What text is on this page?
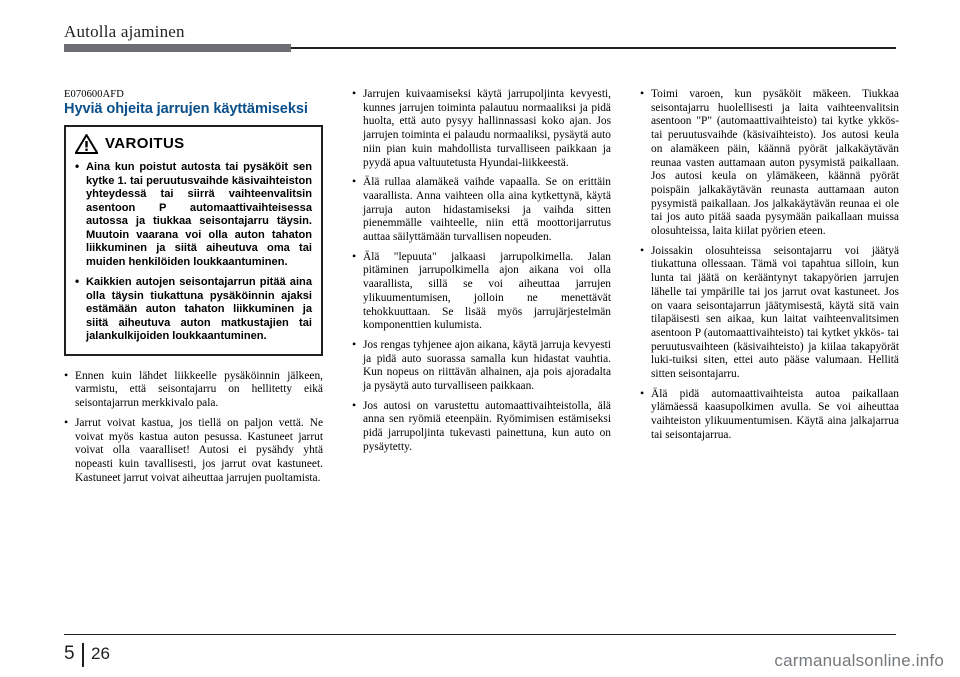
Autolla ajaminen
E070600AFD
Hyviä ohjeita jarrujen käyttämiseksi
VAROITUS
• Aina kun poistut autosta tai pysäköit sen kytke 1. tai peruutusvaihde käsivaihteiston yhteydessä tai siirrä vaihteenvalitsin asentoon P automaattivaihteisessa autossa ja tiukkaa seisontajarru täysin. Muutoin vaarana voi olla auton tahaton liikkuminen ja siitä aiheutuva oma tai muiden henkilöiden loukkaantuminen.
• Kaikkien autojen seisontajarrun pitää aina olla täysin tiukattuna pysäköinnin ajaksi estämään auton tahaton liikkuminen ja siitä aiheutuva auton matkustajien tai jalankulkijoiden loukkaantuminen.
• Ennen kuin lähdet liikkeelle pysäköinnin jälkeen, varmistu, että seisontajarru on hellitetty eikä seisontajarrun merkkivalo pala.
• Jarrut voivat kastua, jos tiellä on paljon vettä. Ne voivat myös kastua auton pesussa. Kastuneet jarrut voivat olla vaaralliset! Autosi ei pysähdy yhtä nopeasti kuin tavallisesti, jos jarrut ovat kastuneet. Kastuneet jarrut voivat aiheuttaa jarrujen puoltamista.
• Jarrujen kuivaamiseksi käytä jarrupoljinta kevyesti, kunnes jarrujen toiminta palautuu normaaliksi ja pidä huolta, että auto pysyy hallinnassasi koko ajan. Jos jarrujen toiminta ei palaudu normaaliksi, pysäytä auto niin pian kuin mahdollista turvalliseen paikkaan ja pyydä apua valtuutetusta Hyundai-liikkeestä.
• Älä rullaa alamäkeä vaihde vapaalla. Se on erittäin vaarallista. Anna vaihteen olla aina kytkettynä, käytä jarruja auton hidastamiseksi ja vaihda sitten pienemmälle vaihteelle, niin että moottorijarrutus auttaa säilyttämään turvallisen nopeuden.
• Älä "lepuuta" jalkaasi jarrupolkimella. Jalan pitäminen jarrupolkimella ajon aikana voi olla vaarallista, sillä se voi aiheuttaa jarrujen ylikuumentumisen, jolloin ne menettävät tehokkuuttaan. Se lisää myös jarrujärjestelmän komponenttien kulumista.
• Jos rengas tyhjenee ajon aikana, käytä jarruja kevyesti ja pidä auto suorassa samalla kun hidastat vauhtia. Kun nopeus on riittävän alhainen, aja pois ajoradalta ja pysäytä auto turvalliseen paikkaan.
• Jos autosi on varustettu automaattivaihteistolla, älä anna sen ryömiä eteenpäin. Ryömimisen estämiseksi pidä jarrupoljinta tukevasti painettuna, kun auto on pysäytetty.
• Toimi varoen, kun pysäköit mäkeen. Tiukkaa seisontajarru huolellisesti ja laita vaihteenvalitsin asentoon "P" (automaattivaihteisto) tai kytke ykkös- tai peruutusvaihde (käsivaihteisto). Jos autosi keula on alamäkeen päin, käännä pyörät jalkakäytävän reunaa vasten auttamaan auton pysymistä paikallaan. Jos autosi keula on ylämäkeen, käännä pyörät poispäin jalkakäytävän reunasta auttamaan auton pysymistä paikallaan. Jos jalkakäytävän reunaa ei ole tai jos auto pitää saada pysymään paikallaan muissa olosuhteissa, laita kiilat pyörien eteen.
• Joissakin olosuhteissa seisontajarru voi jäätyä tiukattuna ollessaan. Tämä voi tapahtua silloin, kun lunta tai jäätä on kerääntynyt takapyörien jarrujen lähelle tai ympärille tai jos jarrut ovat kastuneet. Jos on vaara seisontajarrun jäätymisestä, käytä sitä vain tilapäisesti sen aikaa, kun laitat vaihteenvalitsimen asentoon P (automaattivaihteisto) tai kytket ykkös- tai peruutusvaihteen (käsivaihteisto) ja kiilaa takapyörät luki-tuiksi siten, ettei auto pääse valumaan. Hellitä sitten seisontajarru.
• Älä pidä automaattivaihteista autoa paikallaan ylämäessä kaasupolkimen avulla. Se voi aiheuttaa vaihteiston ylikuumentumisen. Käytä aina jalkajarrua tai seisontajarrua.
5 26	carmanualsonline.info
